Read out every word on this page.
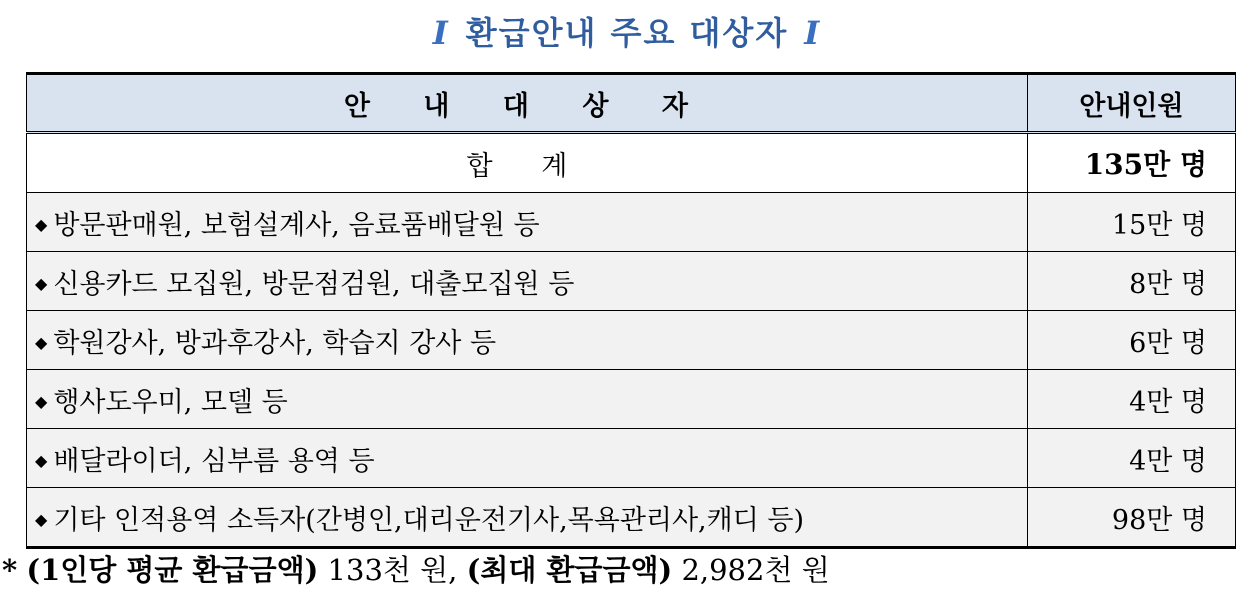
I 환급안내 주요 대상자 I
안 내 대 상 자	안내인원
합 계	135만 명
◆ 방문판매원, 보험설계사, 음료품배달원 등	15만 명
◆ 신용카드 모집원, 방문점검원, 대출모집원 등	8만 명
◆ 학원강사, 방과후강사, 학습지 강사 등	6만 명
◆ 행사도우미, 모델 등	4만 명
◆ 배달라이더, 심부름 용역 등	4만 명
◆ 기타 인적용역 소득자(간병인,대리운전기사,목욕관리사,캐디 등)	98만 명
* (1인당 평균 환급금액) 133천 원, (최대 환급금액) 2,982천 원
